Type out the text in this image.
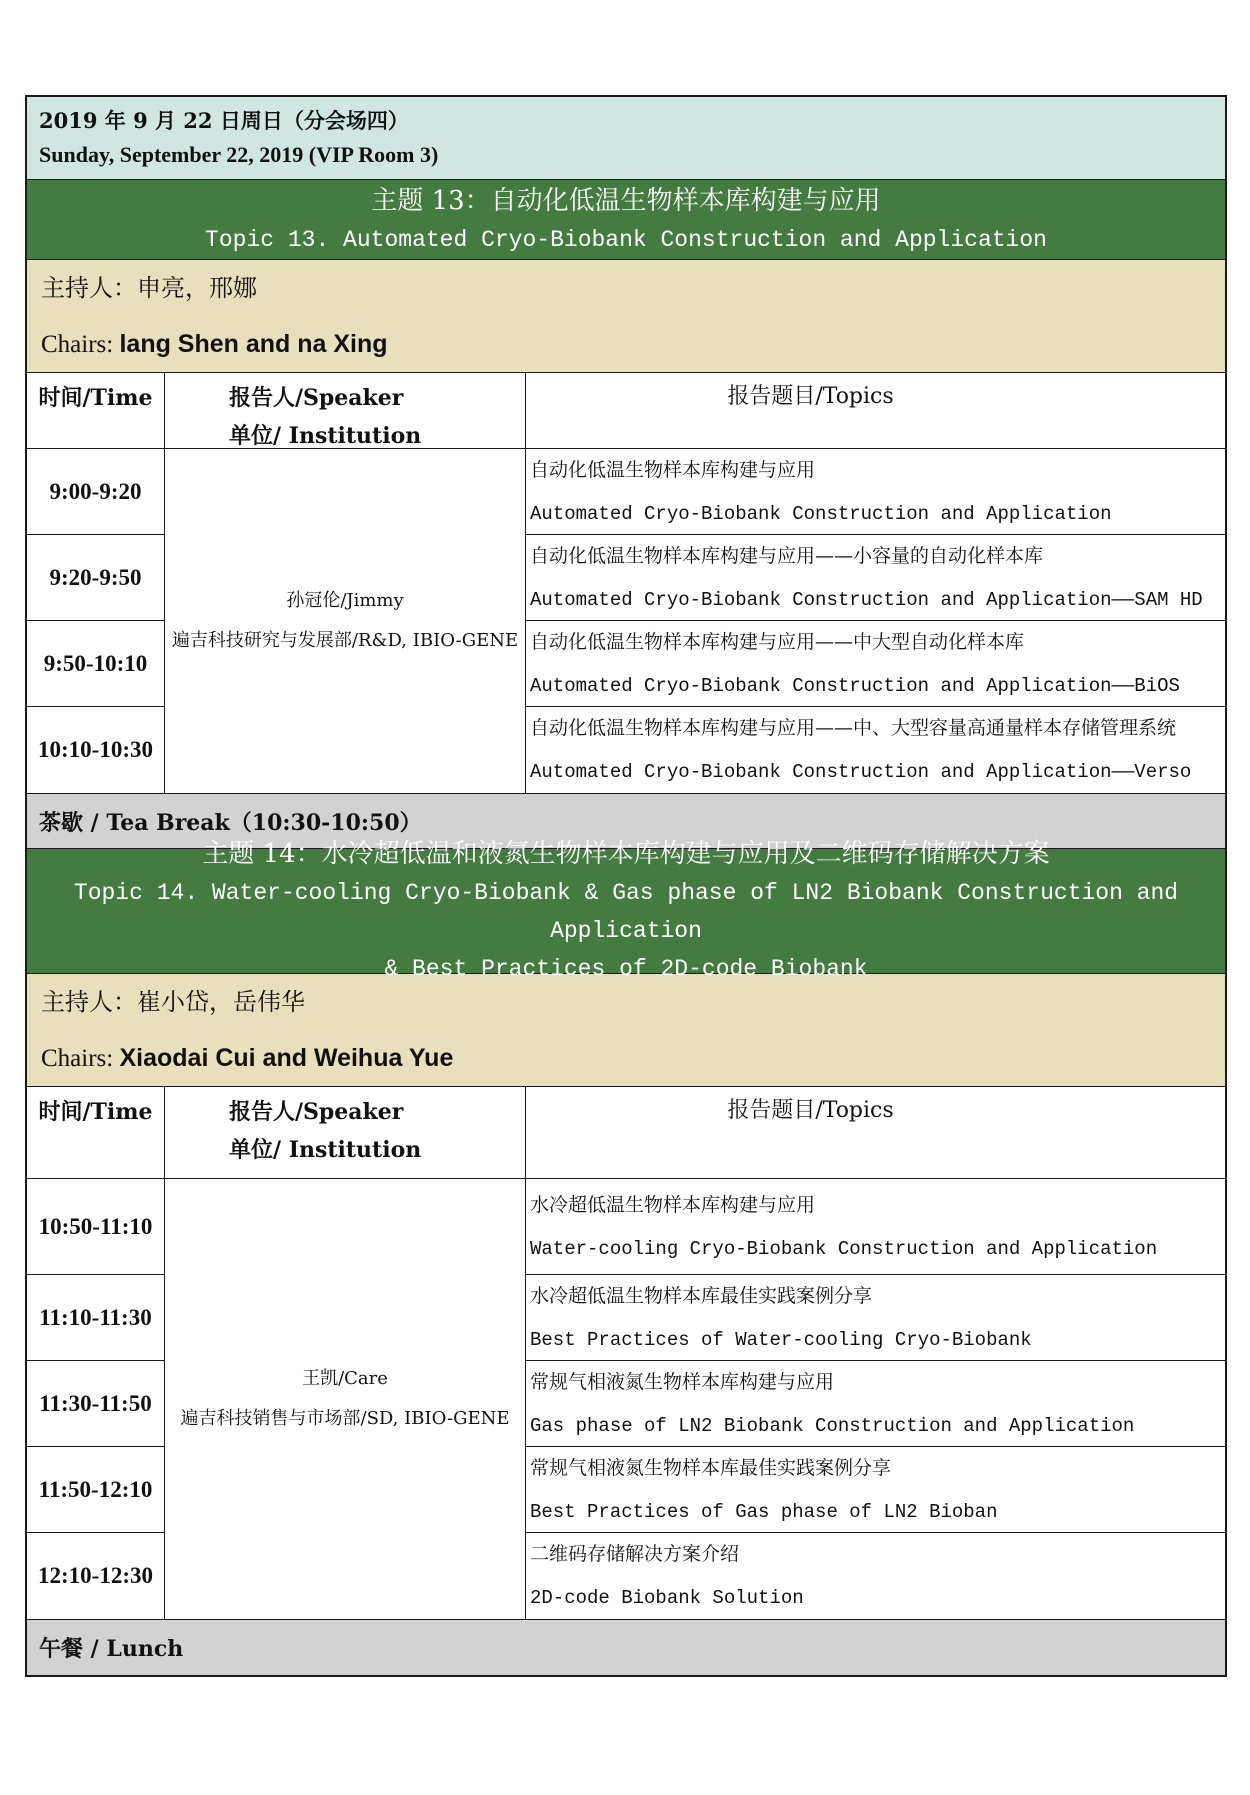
2019 年 9 月 22 日周日（分会场四）
Sunday, September 22, 2019 (VIP Room 3)
主题 13：自动化低温生物样本库构建与应用
Topic 13. Automated Cryo-Biobank Construction and Application
主持人：申亮，邢娜
Chairs: lang Shen and na Xing
时间/Time	报告人/Speaker
单位/ Institution
报告题目/Topics
9:00-9:20
9:20-9:50
9:50-10:10
10:10-10:30
孙冠伦/Jimmy
遍吉科技研究与发展部/R&D, IBIO-GENE
自动化低温生物样本库构建与应用
Automated Cryo-Biobank Construction and Application
自动化低温生物样本库构建与应用——小容量的自动化样本库
Automated Cryo-Biobank Construction and Application——SAM HD
自动化低温生物样本库构建与应用——中大型自动化样本库
Automated Cryo-Biobank Construction and Application——BiOS
自动化低温生物样本库构建与应用——中、大型容量高通量样本存储管理系统
Automated Cryo-Biobank Construction and Application——Verso
茶歇 / Tea Break（10:30-10:50）
主题 14：水冷超低温和液氮生物样本库构建与应用及二维码存储解决方案
Topic 14. Water-cooling Cryo-Biobank & Gas phase of LN2 Biobank Construction and Application
& Best Practices of 2D-code Biobank
主持人：崔小岱，岳伟华
Chairs: Xiaodai Cui and Weihua Yue
时间/Time	报告人/Speaker
单位/ Institution
报告题目/Topics
10:50-11:10
11:10-11:30
11:30-11:50
11:50-12:10
12:10-12:30
王凯/Care
遍吉科技销售与市场部/SD, IBIO-GENE
水冷超低温生物样本库构建与应用
Water-cooling Cryo-Biobank Construction and Application
水冷超低温生物样本库最佳实践案例分享
Best Practices of Water-cooling Cryo-Biobank
常规气相液氮生物样本库构建与应用
Gas phase of LN2 Biobank Construction and Application
常规气相液氮生物样本库最佳实践案例分享
Best Practices of Gas phase of LN2 Bioban
二维码存储解决方案介绍
2D-code Biobank Solution
午餐 / Lunch
